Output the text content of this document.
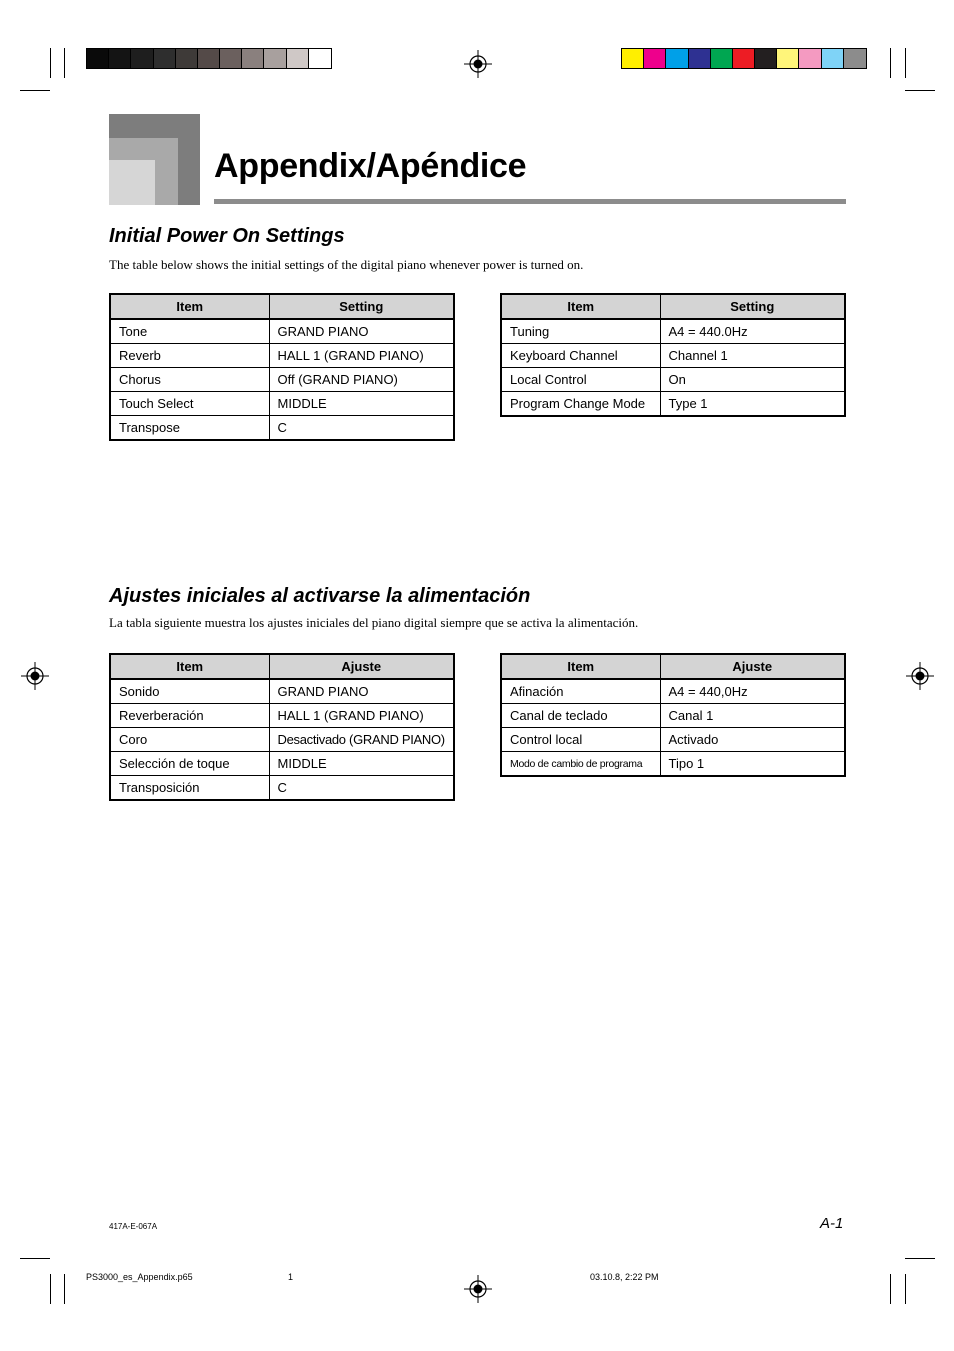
Appendix/Apéndice
Initial Power On Settings

The table below shows the initial settings of the digital piano whenever power is turned on.

Item	Setting
Tone	GRAND PIANO
Reverb	HALL 1 (GRAND PIANO)
Chorus	Off (GRAND PIANO)
Touch Select	MIDDLE
Transpose	C
Item	Setting
Tuning	A4 = 440.0Hz
Keyboard Channel	Channel 1
Local Control	On
Program Change Mode	Type 1
Ajustes iniciales al activarse la alimentación

La tabla siguiente muestra los ajustes iniciales del piano digital siempre que se activa la alimentación.

Item	Ajuste
Sonido	GRAND PIANO
Reverberación	HALL 1 (GRAND PIANO)
Coro	Desactivado (GRAND PIANO)
Selección de toque	MIDDLE
Transposición	C
Item	Ajuste
Afinación	A4 = 440,0Hz
Canal de teclado	Canal 1
Control local	Activado
Modo de cambio de programa	Tipo 1
417A-E-067A	A-1
PS3000_es_Appendix.p65	1	03.10.8, 2:22 PM
